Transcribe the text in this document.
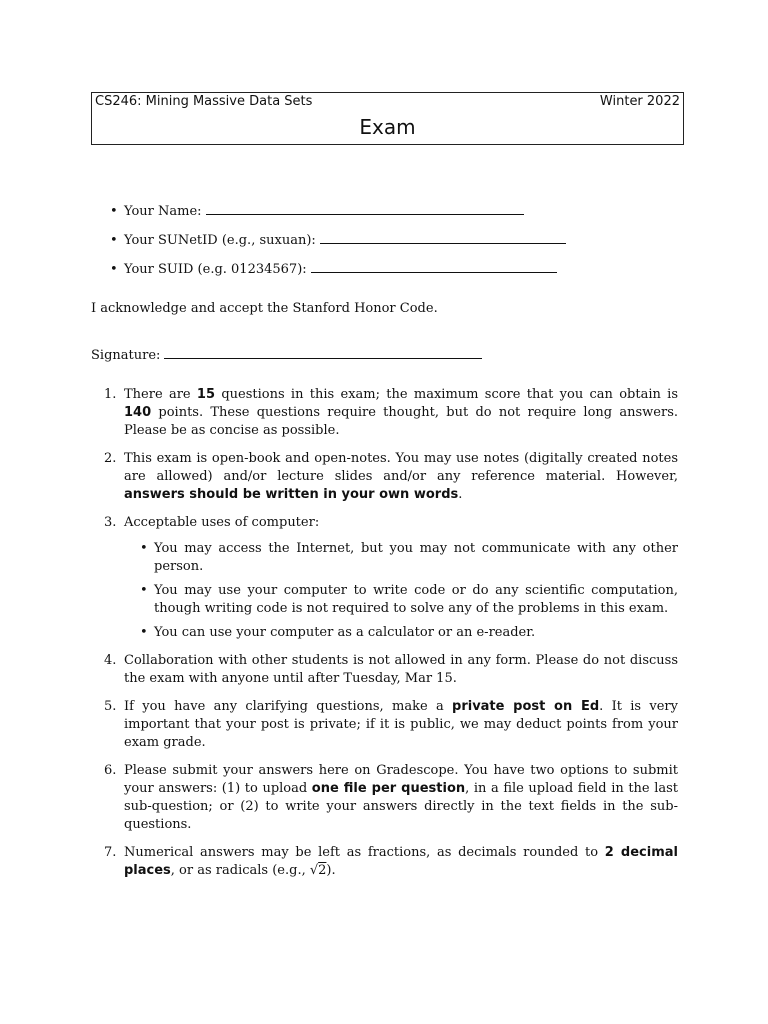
CS246: Mining Massive Data Sets	Winter 2022
Exam
• Your Name:
• Your SUNetID (e.g., suxuan):
• Your SUID (e.g. 01234567):
I acknowledge and accept the Stanford Honor Code.
Signature:
1. There are 15 questions in this exam; the maximum score that you can obtain is 140 points. These questions require thought, but do not require long answers. Please be as concise as possible.
2. This exam is open-book and open-notes. You may use notes (digitally created notes are allowed) and/or lecture slides and/or any reference material. However, answers should be written in your own words.
3. Acceptable uses of computer:
• You may access the Internet, but you may not communicate with any other person.
• You may use your computer to write code or do any scientific computation, though writing code is not required to solve any of the problems in this exam.
• You can use your computer as a calculator or an e-reader.
4. Collaboration with other students is not allowed in any form. Please do not discuss the exam with anyone until after Tuesday, Mar 15.
5. If you have any clarifying questions, make a private post on Ed. It is very important that your post is private; if it is public, we may deduct points from your exam grade.
6. Please submit your answers here on Gradescope. You have two options to submit your answers: (1) to upload one file per question, in a file upload field in the last sub-question; or (2) to write your answers directly in the text fields in the sub-questions.
7. Numerical answers may be left as fractions, as decimals rounded to 2 decimal places, or as radicals (e.g., √2).
